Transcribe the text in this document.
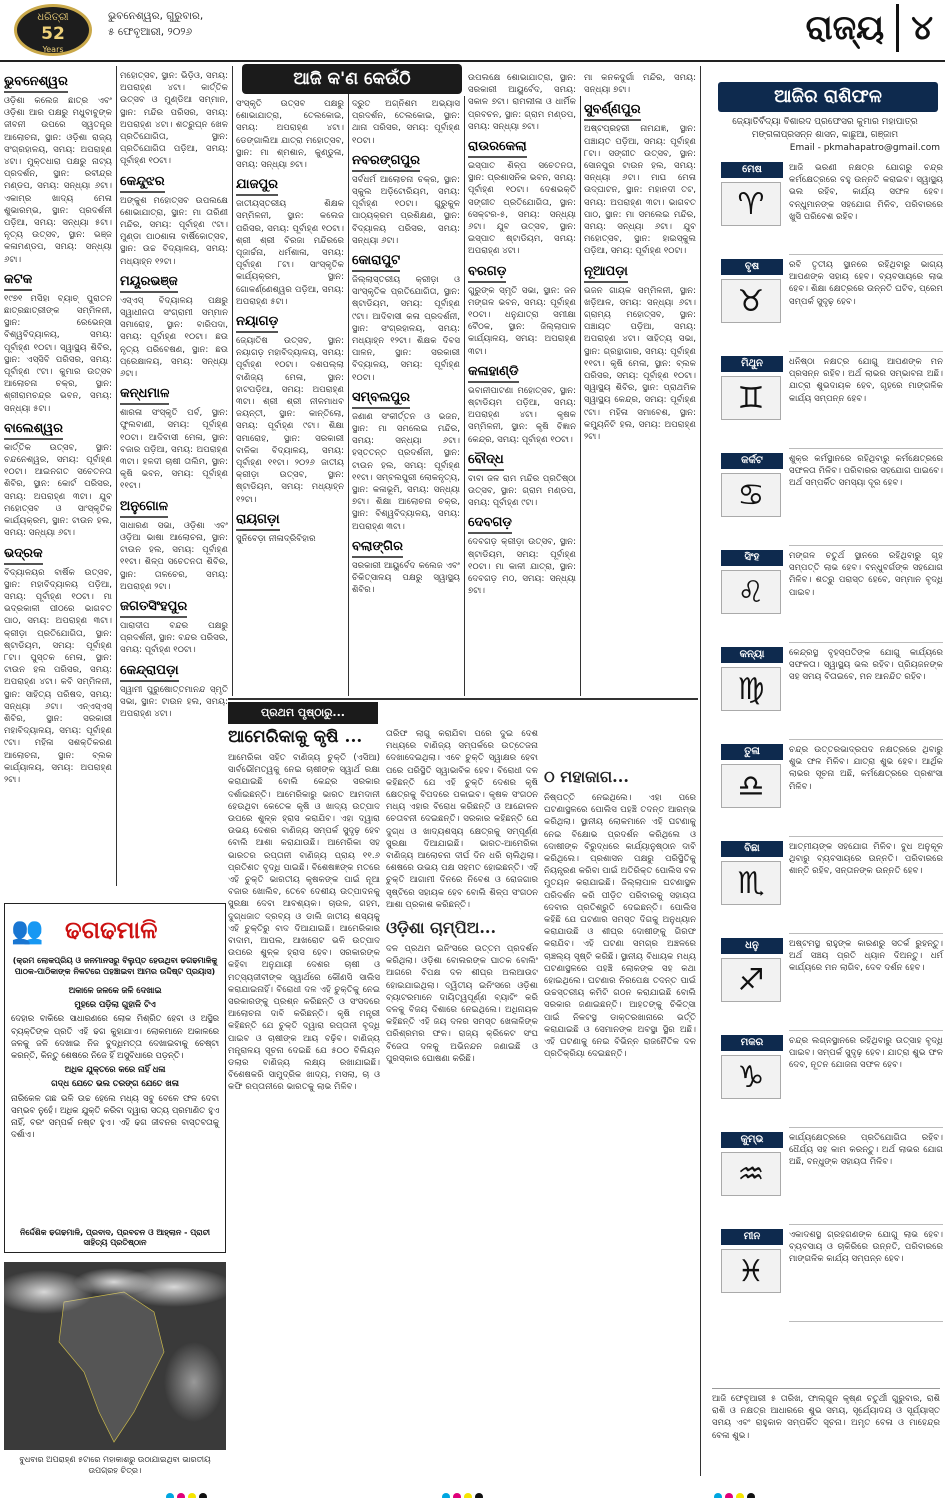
ଧରିତ୍ରୀ
52
Years
ଭୁବନେଶ୍ୱର, ଗୁରୁବାର,
୫ ଫେବୃଆରୀ, ୨୦୨୬	ରାଜ୍ୟ ୪
ଭୁବନେଶ୍ୱର

ଓଡ଼ିଶା କଲେଜ ଛାତ୍ର ଏବଂ ଓଡ଼ିଶା ଆର ପକ୍ଷରୁ ମଧୁବାବୁଙ୍କ ଜୀବନୀ ଉପରେ ସ୍ୱତନ୍ତ୍ର ଆଲୋଚନା, ସ୍ଥାନ: ଓଡ଼ିଶା ରାଜ୍ୟ ସଂଗ୍ରହାଳୟ, ସମୟ: ଅପରାହ୍ଣ ୪ଟା। ମୁକ୍ତଧାରା ପକ୍ଷରୁ ନାଟ୍ୟ ପ୍ରଦର୍ଶନ, ସ୍ଥାନ: ରବୀନ୍ଦ୍ର ମଣ୍ଡପ, ସମୟ: ସନ୍ଧ୍ୟା ୬ଟା। ଏକାମ୍ର ଖାଦ୍ୟ ମେଳା ଶୁଭାରମ୍ଭ, ସ୍ଥାନ: ପ୍ରଦର୍ଶନୀ ପଡ଼ିଆ, ସମୟ: ସନ୍ଧ୍ୟା ୫ଟା। ନୃତ୍ୟ ଉତ୍ସବ, ସ୍ଥାନ: ଭଞ୍ଜ କଳାମଣ୍ଡପ, ସମୟ: ସନ୍ଧ୍ୟା ୬ଟା।

କଟକ

୧୯୭୧ ମସିହା ବ୍ୟାଚ୍ ପୁରାତନ ଛାତ୍ରଛାତ୍ରୀଙ୍କ ସମ୍ମିଳନୀ, ସ୍ଥାନ: ରେଭେନ୍ସା ବିଶ୍ୱବିଦ୍ୟାଳୟ, ସମୟ: ପୂର୍ବାହ୍ଣ ୧୦ଟା। ସ୍ୱାସ୍ଥ୍ୟ ଶିବିର, ସ୍ଥାନ: ଏସ୍‌ସିବି ପରିସର, ସମୟ: ପୂର୍ବାହ୍ଣ ୯ଟା। କୁମାର ଉତ୍ସବ ଆଲୋଚନା ଚକ୍ର, ସ୍ଥାନ: ଶ୍ରୀରାମଚନ୍ଦ୍ର ଭବନ, ସମୟ: ସନ୍ଧ୍ୟା ୫ଟା।

ବାଲେଶ୍ୱର

କାର୍ତ୍ତିକ ଉତ୍ସବ, ସ୍ଥାନ: ଚନ୍ଦନେଶ୍ୱର, ସମୟ: ପୂର୍ବାହ୍ଣ ୧୦ଟା। ଆଇନଗତ ସଚେତନତା ଶିବିର, ସ୍ଥାନ: କୋର୍ଟ ପରିସର, ସମୟ: ଅପରାହ୍ଣ ୩ଟା। ଯୁବ ମହୋତ୍ସବ ଓ ସାଂସ୍କୃତିକ କାର୍ଯ୍ୟକ୍ରମ, ସ୍ଥାନ: ଟାଉନ ହଲ, ସମୟ: ସନ୍ଧ୍ୟା ୬ଟା।

ଭଦ୍ରକ

ବିଦ୍ୟାଳୟର ବାର୍ଷିକ ଉତ୍ସବ, ସ୍ଥାନ: ମହାବିଦ୍ୟାଳୟ ପଡ଼ିଆ, ସମୟ: ପୂର୍ବାହ୍ଣ ୧୦ଟା। ମା ଭଦ୍ରକାଳୀ ପୀଠରେ ଭାଗବତ ପାଠ, ସମୟ: ଅପରାହ୍ଣ ୩ଟା। କ୍ରୀଡ଼ା ପ୍ରତିଯୋଗିତା, ସ୍ଥାନ: ଷ୍ଟାଡିୟମ, ସମୟ: ପୂର୍ବାହ୍ଣ ୮ଟା। ପୁସ୍ତକ ମେଳା, ସ୍ଥାନ: ଟାଉନ ହଲ ପରିସର, ସମୟ: ଅପରାହ୍ଣ ୪ଟା। କବି ସମ୍ମିଳନୀ, ସ୍ଥାନ: ସାହିତ୍ୟ ପରିଷଦ, ସମୟ: ସନ୍ଧ୍ୟା ୬ଟା। ଏନ୍‌ଏସ୍‌ଏସ୍ ଶିବିର, ସ୍ଥାନ: ସରକାରୀ ମହାବିଦ୍ୟାଳୟ, ସମୟ: ପୂର୍ବାହ୍ଣ ୯ଟା। ମହିଳା ସଶକ୍ତିକରଣ ଆଲୋଚନା, ସ୍ଥାନ: ବ୍ଲକ କାର୍ଯ୍ୟାଳୟ, ସମୟ: ଅପରାହ୍ଣ ୨ଟା।

ମହୋତ୍ସବ, ସ୍ଥାନ: ଭିଡ଼ିଓ, ସମୟ: ଅପରାହ୍ଣ ୪ଟା। କାର୍ତ୍ତିକ ଉତ୍ସବ ଓ ମୁଣ୍ଡିଆ ସମ୍ମାନ, ସ୍ଥାନ: ମନ୍ଦିର ପରିସର, ସମୟ: ଅପରାହ୍ଣ ୪ଟା। ଶତ୍ରୁଘ୍ନ ଖେଳ ପ୍ରତିଯୋଗିତା, ସ୍ଥାନ: ପ୍ରତିଯୋଗିତା ପଡ଼ିଆ, ସମୟ: ପୂର୍ବାହ୍ଣ ୧୦ଟା।

କେନ୍ଦୁଝର

ଅଙ୍କୁଶ ମହୋତ୍ସବ ଉପଲକ୍ଷେ ଶୋଭାଯାତ୍ରା, ସ୍ଥାନ: ମା ତାରିଣୀ ମନ୍ଦିର, ସମୟ: ପୂର୍ବାହ୍ଣ ୯ଟା। ମୁଣ୍ଡା ପାଠଶାଳା ବାର୍ଷିକୋତ୍ସବ, ସ୍ଥାନ: ଉଚ୍ଚ ବିଦ୍ୟାଳୟ, ସମୟ: ମଧ୍ୟାହ୍ନ ୧୨ଟା।

ମୟୂରଭଞ୍ଜ

ଏସ୍‌ଏସ୍ ବିଦ୍ୟାଳୟ ପକ୍ଷରୁ ସ୍ୱାଧୀନତା ସଂଗ୍ରାମୀ ସମ୍ମାନ ସମାରୋହ, ସ୍ଥାନ: ବାରିପଦା, ସମୟ: ପୂର୍ବାହ୍ଣ ୧୦ଟା। ଛଉ ନୃତ୍ୟ ପରିବେଷଣ, ସ୍ଥାନ: ଛଉ ପ୍ରେକ୍ଷାଳୟ, ସମୟ: ସନ୍ଧ୍ୟା ୬ଟା।

କନ୍ଧମାଳ

ଶାରଳା ସଂସ୍କୃତି ପର୍ବ, ସ୍ଥାନ: ଫୁଲବାଣୀ, ସମୟ: ପୂର୍ବାହ୍ଣ ୧୦ଟା। ଆଦିବାସୀ ମେଳା, ସ୍ଥାନ: ବଜାର ପଡ଼ିଆ, ସମୟ: ଅପରାହ୍ଣ ୩ଟା। ହଳଦୀ ଚାଷୀ ତାଲିମ, ସ୍ଥାନ: କୃଷି ଭବନ, ସମୟ: ପୂର୍ବାହ୍ଣ ୧୧ଟା।

ଅନୁଗୋଳ

ସାଧାରଣ ସଭା, ଓଡ଼ିଶା ଏବଂ ଓଡ଼ିଆ ଭାଷା ଆଲୋଚନା, ସ୍ଥାନ: ଟାଉନ ହଲ, ସମୟ: ପୂର୍ବାହ୍ଣ ୧୧ଟା। ଶିଳ୍ପ ସଚେତନତା ଶିବିର, ସ୍ଥାନ: ତାଳଚେର, ସମୟ: ଅପରାହ୍ଣ ୨ଟା।

ଜଗତସିଂହପୁର

ପାରାଦୀପ ବନ୍ଦର ପକ୍ଷରୁ ପ୍ରଦର୍ଶନୀ, ସ୍ଥାନ: ବନ୍ଦର ପରିସର, ସମୟ: ପୂର୍ବାହ୍ଣ ୧୦ଟା।

କେନ୍ଦ୍ରାପଡ଼ା

ସ୍ୱାମୀ ପୁରୁଷୋତ୍ତମାନନ୍ଦ ସ୍ମୃତି ସଭା, ସ୍ଥାନ: ଟାଉନ ହଲ, ସମୟ: ଅପରାହ୍ଣ ୪ଟା।

ଆଜି କ'ଣ କେଉଁଠି

ସଂସ୍କୃତି ଉତ୍ସବ ପକ୍ଷରୁ ଶୋଭାଯାତ୍ରା, ତେଲକୋଇ, ସମୟ: ଅପରାହ୍ଣ ୪ଟା। ଡେଙ୍ଗାଲିଆ ଯାତ୍ରା ମହୋତ୍ସବ, ସ୍ଥାନ: ମା ଶ୍ମଶାନ, କୁଣ୍ଡୁଳା, ସମୟ: ସନ୍ଧ୍ୟା ୭ଟା।

ଯାଜପୁର

ଜାତୀୟସ୍ତରୀୟ ଶିକ୍ଷକ ସମ୍ମିଳନୀ, ସ୍ଥାନ: କଲେଜ ପରିସର, ସମୟ: ପୂର୍ବାହ୍ଣ ୧୦ଟା। ଶ୍ରୀ ଶ୍ରୀ ବିରଜା ମନ୍ଦିରରେ ପୂଜାର୍ଚ୍ଚନା, ଧର୍ମଶାଳା, ସମୟ: ପୂର୍ବାହ୍ଣ ୮ଟା। ସାଂସ୍କୃତିକ କାର୍ଯ୍ୟକ୍ରମ, ସ୍ଥାନ: ଗୋକର୍ଣ୍ଣେଶ୍ୱର ପଡ଼ିଆ, ସମୟ: ଅପରାହ୍ଣ ୫ଟା।

ନୟାଗଡ଼

ଜ୍ୟୋତିଷ ଉତ୍ସବ, ସ୍ଥାନ: ନୟାଗଡ଼ ମହାବିଦ୍ୟାଳୟ, ସମୟ: ପୂର୍ବାହ୍ଣ ୧୦ଟା। ଦଶପଲ୍ଲା ବାଣିଜ୍ୟ ମେଳା, ସ୍ଥାନ: ହାଟପଡ଼ିଆ, ସମୟ: ଅପରାହ୍ଣ ୩ଟା। ଶ୍ରୀ ଶ୍ରୀ ନୀଳମାଧବ ଜୟନ୍ତୀ, ସ୍ଥାନ: କାନ୍ତିଲୋ, ସମୟ: ପୂର୍ବାହ୍ଣ ୯ଟା। ଶିକ୍ଷା ସମାରୋହ, ସ୍ଥାନ: ସରକାରୀ ବାଳିକା ବିଦ୍ୟାଳୟ, ସମୟ: ପୂର୍ବାହ୍ଣ ୧୧ଟା। ୨୦୨୬ ଜାତୀୟ କ୍ରୀଡ଼ା ଉତ୍ସବ, ସ୍ଥାନ: ଷ୍ଟାଡିୟମ, ସମୟ: ମଧ୍ୟାହ୍ନ ୧୨ଟା।

ରାୟଗଡ଼ା

ସୁନିବେଡ଼ା ନୀଳାଦ୍ରିବିହାର

ଦ୍ରୁତ ଅଗ୍ନିଶମ ଅଭ୍ୟାସ ପ୍ରଦର୍ଶନ, ତେଲକୋଇ, ସ୍ଥାନ: ଥାନା ପରିସର, ସମୟ: ପୂର୍ବାହ୍ଣ ୧୦ଟା।

ନବରଙ୍ଗପୁର

ସର୍ବଧର୍ମ ଆଲୋଚନା ଚକ୍ର, ସ୍ଥାନ: ସ୍କୁଲ ଅଡ଼ିଟୋରିୟମ, ସମୟ: ପୂର୍ବାହ୍ଣ ୧୦ଟା। ଗୁରୁକୁଳ ପାଠ୍ୟକ୍ରମ ପ୍ରଶିକ୍ଷଣ, ସ୍ଥାନ: ବିଦ୍ୟାଳୟ ପରିସର, ସମୟ: ସନ୍ଧ୍ୟା ୬ଟା।

କୋରାପୁଟ

ଜିଲ୍ଲାସ୍ତରୀୟ କ୍ରୀଡ଼ା ଓ ସାଂସ୍କୃତିକ ପ୍ରତିଯୋଗିତା, ସ୍ଥାନ: ଷ୍ଟାଡିୟମ, ସମୟ: ପୂର୍ବାହ୍ଣ ୯ଟା। ଆଦିବାସୀ କଳା ପ୍ରଦର୍ଶନୀ, ସ୍ଥାନ: ସଂଗ୍ରହାଳୟ, ସମୟ: ମଧ୍ୟାହ୍ନ ୧୨ଟା। ଶିକ୍ଷକ ଦିବସ ପାଳନ, ସ୍ଥାନ: ସରକାରୀ ବିଦ୍ୟାଳୟ, ସମୟ: ପୂର୍ବାହ୍ଣ ୧୦ଟା।

ସମ୍ବଲପୁର

ଜଣାଣ ସଂକୀର୍ତ୍ତନ ଓ ଭଜନ, ସ୍ଥାନ: ମା ସମଲେଇ ମନ୍ଦିର, ସମୟ: ସନ୍ଧ୍ୟା ୬ଟା। ହସ୍ତତନ୍ତ ପ୍ରଦର୍ଶନୀ, ସ୍ଥାନ: ଟାଉନ ହଲ, ସମୟ: ପୂର୍ବାହ୍ଣ ୧୧ଟା। ସମ୍ବଲପୁରୀ ଲୋକନୃତ୍ୟ, ସ୍ଥାନ: କଳାଭୂମି, ସମୟ: ସନ୍ଧ୍ୟା ୭ଟା। ଶିକ୍ଷା ଆଲୋଚନା ଚକ୍ର, ସ୍ଥାନ: ବିଶ୍ୱବିଦ୍ୟାଳୟ, ସମୟ: ଅପରାହ୍ଣ ୩ଟା।

ବଲାଙ୍ଗିର

ସରକାରୀ ଆୟୁର୍ବେଦ କଲେଜ ଏବଂ ଚିକିତ୍ସାଳୟ ପକ୍ଷରୁ ସ୍ୱାସ୍ଥ୍ୟ ଶିବିର।

ଉପଲକ୍ଷେ ଶୋଭାଯାତ୍ରା, ସ୍ଥାନ: ସରକାରୀ ଆୟୁର୍ବେଦ, ସମୟ: ସକାଳ ୭ଟା। ରାମଲୀଳା ଓ ଧାର୍ମିକ ପ୍ରବଚନ, ସ୍ଥାନ: ଗ୍ରାମ ମଣ୍ଡପ, ସମୟ: ସନ୍ଧ୍ୟା ୭ଟା।

ରାଉରକେଲା

ଇସ୍ପାତ ଶିଳ୍ପ ସଚେତନତା, ସ୍ଥାନ: ପ୍ରଶାସନିକ ଭବନ, ସମୟ: ପୂର୍ବାହ୍ଣ ୧୦ଟା। ଦେଶଭକ୍ତି ସଙ୍ଗୀତ ପ୍ରତିଯୋଗିତା, ସ୍ଥାନ: ସେକ୍ଟର-୫, ସମୟ: ସନ୍ଧ୍ୟା ୬ଟା। ଯୁବ ଉତ୍ସବ, ସ୍ଥାନ: ଇସ୍ପାତ ଷ୍ଟାଡିୟମ, ସମୟ: ଅପରାହ୍ଣ ୪ଟା।

ବରଗଡ଼

ଗୁରୁଙ୍କ ସ୍ମୃତି ସଭା, ସ୍ଥାନ: ଜନ ମଙ୍ଗଳ ଭବନ, ସମୟ: ପୂର୍ବାହ୍ଣ ୧୦ଟା। ଧନୁଯାତ୍ରା ସମୀକ୍ଷା ବୈଠକ, ସ୍ଥାନ: ଜିଲ୍ଲାପାଳ କାର୍ଯ୍ୟାଳୟ, ସମୟ: ଅପରାହ୍ଣ ୩ଟା।

କଳାହାଣ୍ଡି

ଭବାନୀପାଟଣା ମହୋତ୍ସବ, ସ୍ଥାନ: ଷ୍ଟାଡିୟମ ପଡ଼ିଆ, ସମୟ: ଅପରାହ୍ଣ ୪ଟା। କୃଷକ ସମ୍ମିଳନୀ, ସ୍ଥାନ: କୃଷି ବିଜ୍ଞାନ କେନ୍ଦ୍ର, ସମୟ: ପୂର୍ବାହ୍ଣ ୧୦ଟା।

ବୌଦ୍ଧ

ବାବା ଜଳ ରାମ ମନ୍ଦିର ପ୍ରତିଷ୍ଠା ଉତ୍ସବ, ସ୍ଥାନ: ଗ୍ରାମ ମଣ୍ଡପ, ସମୟ: ପୂର୍ବାହ୍ଣ ୯ଟା।

ଦେବଗଡ଼

ଦେବଗଡ଼ କ୍ରୀଡ଼ା ଉତ୍ସବ, ସ୍ଥାନ: ଷ୍ଟାଡିୟମ, ସମୟ: ପୂର୍ବାହ୍ଣ ୧୦ଟା। ମା କାଳୀ ଯାତ୍ରା, ସ୍ଥାନ: ଦେବଗଡ଼ ମଠ, ସମୟ: ସନ୍ଧ୍ୟା ୭ଟା।

ମା କନକଦୁର୍ଗା ମନ୍ଦିର, ସମୟ: ସନ୍ଧ୍ୟା ୭ଟା।

ସୁବର୍ଣ୍ଣପୁର

ଅଷ୍ଟପ୍ରହରୀ ନାମଯଜ୍ଞ, ସ୍ଥାନ: ପଞ୍ଚାୟତ ପଡ଼ିଆ, ସମୟ: ପୂର୍ବାହ୍ଣ ୮ଟା। ସଙ୍ଗୀତ ଉତ୍ସବ, ସ୍ଥାନ: ସୋନପୁର ଟାଉନ ହଲ, ସମୟ: ସନ୍ଧ୍ୟା ୬ଟା। ମାଘ ମେଳା ଉଦ୍‌ଘାଟନ, ସ୍ଥାନ: ମହାନଦୀ ତଟ, ସମୟ: ଅପରାହ୍ଣ ୩ଟା। ଭାଗବତ ପାଠ, ସ୍ଥାନ: ମା ସମଲେଇ ମନ୍ଦିର, ସମୟ: ସନ୍ଧ୍ୟା ୬ଟା। ଯୁବ ମହୋତ୍ସବ, ସ୍ଥାନ: ହାଇସ୍କୁଲ ପଡ଼ିଆ, ସମୟ: ପୂର୍ବାହ୍ଣ ୧୦ଟା।

ନୂଆପଡ଼ା

ଭଜନ ଗାୟକ ସମ୍ମିଳନୀ, ସ୍ଥାନ: ଖଡ଼ିଆଳ, ସମୟ: ସନ୍ଧ୍ୟା ୬ଟା। ଗ୍ରାମ୍ୟ ମହୋତ୍ସବ, ସ୍ଥାନ: ପଞ୍ଚାୟତ ପଡ଼ିଆ, ସମୟ: ଅପରାହ୍ଣ ୪ଟା। ସାହିତ୍ୟ ସଭା, ସ୍ଥାନ: ଗ୍ରନ୍ଥାଗାର, ସମୟ: ପୂର୍ବାହ୍ଣ ୧୧ଟା। କୃଷି ମେଳା, ସ୍ଥାନ: ବ୍ଲକ ପରିସର, ସମୟ: ପୂର୍ବାହ୍ଣ ୧୦ଟା। ସ୍ୱାସ୍ଥ୍ୟ ଶିବିର, ସ୍ଥାନ: ପ୍ରାଥମିକ ସ୍ୱାସ୍ଥ୍ୟ କେନ୍ଦ୍ର, ସମୟ: ପୂର୍ବାହ୍ଣ ୯ଟା। ମହିଳା ସମାବେଶ, ସ୍ଥାନ: କମ୍ୟୁନିଟି ହଲ, ସମୟ: ଅପରାହ୍ଣ ୨ଟା।

ଆଜିର ରାଶିଫଳ
ଜ୍ୟୋତିର୍ବିଦ୍ୟା ବିଶାରଦ ପ୍ରଫେସର କୁମାର ମହାପାତ୍ର ମଙ୍ଗଳାପ୍ରସନ୍ନ ଶାସନ, କାଛୁଆ, ଗଞ୍ଜାମ
Email - pkmahapatro@gmail.com
ମେଷ
♈
ଆଜି ଭରଣୀ ନକ୍ଷତ୍ର ଯୋଗରୁ ଚନ୍ଦ୍ର କର୍ମକ୍ଷେତ୍ରରେ ବହୁ ଉନ୍ନତି କରାଇବ। ସ୍ୱାସ୍ଥ୍ୟ ଭଲ ରହିବ, କାର୍ଯ୍ୟ ସଫଳ ହେବ। ବନ୍ଧୁମାନଙ୍କ ସହଯୋଗ ମିଳିବ, ପରିବାରରେ ଖୁସି ପରିବେଶ ରହିବ।
ବୃଷ
♉
ରବି ତୃତୀୟ ସ୍ଥାନରେ ରହିଥିବାରୁ ଭାଗ୍ୟ ଆପଣଙ୍କ ସହାୟ ହେବ। ବ୍ୟବସାୟରେ ଲାଭ ହେବ। ଶିକ୍ଷା କ୍ଷେତ୍ରରେ ଉନ୍ନତି ଘଟିବ, ପ୍ରେମ ସମ୍ପର୍କ ସୁଦୃଢ଼ ହେବ।
ମିଥୁନ
♊
ଧନିଷ୍ଠା ନକ୍ଷତ୍ର ଯୋଗୁ ଆପଣଙ୍କ ମନ ପ୍ରସନ୍ନ ରହିବ। ଅର୍ଥ ଲାଭର ସମ୍ଭାବନା ଅଛି। ଯାତ୍ରା ଶୁଭଦାୟକ ହେବ, ଗୃହରେ ମାଙ୍ଗଳିକ କାର୍ଯ୍ୟ ସମ୍ପନ୍ନ ହେବ।
କର୍କଟ
♋
ଶୁକ୍ର କର୍ମସ୍ଥାନରେ ରହିଥିବାରୁ କର୍ମକ୍ଷେତ୍ରରେ ସଫଳତା ମିଳିବ। ପରିବାରର ସହଯୋଗ ପାଇବେ। ଅର୍ଥ ସମ୍ପର୍କିତ ସମସ୍ୟା ଦୂର ହେବ।
ସିଂହ
♌
ମଙ୍ଗଳ ଚତୁର୍ଥ ସ୍ଥାନରେ ରହିଥିବାରୁ ଗୃହ ସମ୍ପତ୍ତି ଲାଭ ହେବ। ବନ୍ଧୁବର୍ଗଙ୍କ ସହଯୋଗ ମିଳିବ। ଶତ୍ରୁ ପରାସ୍ତ ହେବେ, ସମ୍ମାନ ବୃଦ୍ଧି ପାଇବ।
କନ୍ୟା
♍
କେନ୍ଦ୍ରସ୍ଥ ବୃହସ୍ପତିଙ୍କ ଯୋଗୁ କାର୍ଯ୍ୟରେ ସଫଳତା। ସ୍ୱାସ୍ଥ୍ୟ ଭଲ ରହିବ। ପ୍ରିୟଜନଙ୍କ ସହ ସମୟ ବିତାଇବେ, ମନ ଆନନ୍ଦିତ ରହିବ।
ତୁଳା
♎
ଚନ୍ଦ୍ର ଉତ୍ତରଭାଦ୍ରପଦ ନକ୍ଷତ୍ରରେ ଥିବାରୁ ଶୁଭ ଫଳ ମିଳିବ। ଯାତ୍ରା ଶୁଭ ହେବ। ଆର୍ଥିକ ଲାଭର ସୂଚନା ଅଛି, କର୍ମକ୍ଷେତ୍ରରେ ପ୍ରଶଂସା ମିଳିବ।
ବିଛା
♏
ଆତ୍ମୀୟଙ୍କ ସହଯୋଗ ମିଳିବ। ବୁଧ ଅନୁକୂଳ ଥିବାରୁ ବ୍ୟବସାୟରେ ଉନ୍ନତି। ପରିବାରରେ ଶାନ୍ତି ରହିବ, ସନ୍ତାନଙ୍କ ଉନ୍ନତି ହେବ।
ଧନୁ
♐
ଅଷ୍ଟମସ୍ଥ ରାହୁଙ୍କ କାରଣରୁ ସତର୍କ ରୁହନ୍ତୁ। ଅର୍ଥ ସଞ୍ଚୟ ପ୍ରତି ଧ୍ୟାନ ଦିଅନ୍ତୁ। ଧର୍ମ କାର୍ଯ୍ୟରେ ମନ ଲାଗିବ, ଦେବ ଦର୍ଶନ ହେବ।
ମକର
♑
ଚନ୍ଦ୍ର ଲଗ୍ନସ୍ଥାନରେ ରହିଥିବାରୁ ଉତ୍ସାହ ବୃଦ୍ଧି ପାଇବ। ସମ୍ପର୍କ ସୁଦୃଢ଼ ହେବ। ଯାତ୍ରା ଶୁଭ ଫଳ ଦେବ, ନୂତନ ଯୋଜନା ସଫଳ ହେବ।
କୁମ୍ଭ
♒
କାର୍ଯ୍ୟକ୍ଷେତ୍ରରେ ପ୍ରତିଯୋଗିତା ରହିବ। ଧୈର୍ଯ୍ୟ ସହ କାମ କରନ୍ତୁ। ଅର୍ଥ ଲାଭର ଯୋଗ ଅଛି, ବନ୍ଧୁଙ୍କ ସହାୟତା ମିଳିବ।
ମୀନ
♓
ଏକାଦଶସ୍ଥ ଗ୍ରହଗଣଙ୍କ ଯୋଗୁ ଲାଭ ହେବ। ବ୍ୟବସାୟ ଓ ଚାକିରିରେ ଉନ୍ନତି, ପରିବାରରେ ମାଙ୍ଗଳିକ କାର୍ଯ୍ୟ ସମ୍ପନ୍ନ ହେବ।
ଆଜି ଫେବୃଆରୀ ୫ ତାରିଖ, ଫାଲ୍‌ଗୁନ କୃଷ୍ଣ ଚତୁର୍ଥୀ ଗୁରୁବାର, ରାଶି ରାଶି ଓ ନକ୍ଷତ୍ର ଆଧାରରେ ଶୁଭ ସମୟ, ସୂର୍ଯ୍ୟୋଦୟ ଓ ସୂର୍ଯ୍ୟାସ୍ତ ସମୟ ଏବଂ ରାହୁକାଳ ସମ୍ପର୍କିତ ସୂଚନା। ଅମୃତ ବେଳା ଓ ମାହେନ୍ଦ୍ର ବେଳା ଶୁଭ।
ପ୍ରଥମ ପୃଷ୍ଠାରୁ...
ଆମେରିକାକୁ କୃଷି ...

ଆମେରିକା ସହିତ ବାଣିଜ୍ୟ ଚୁକ୍ତି (ଏସିଆ) ସାର୍ବଭୌମତ୍ୱକୁ ନେଇ ଚାଷୀଙ୍କ ସ୍ୱାର୍ଥ ରକ୍ଷା କରାଯାଇଛି ବୋଲି କେନ୍ଦ୍ର ସରକାର ଦର୍ଶାଇଛନ୍ତି। ଆମେରିକାରୁ ଭାରତ ଆମଦାନୀ ହେଉଥିବା କେତେକ କୃଷି ଓ ଖାଦ୍ୟ ଉତ୍ପାଦ ଉପରେ ଶୁଳ୍କ ହ୍ରାସ କରାଯିବ। ଏହା ଦ୍ୱାରା ଉଭୟ ଦେଶର ବାଣିଜ୍ୟ ସମ୍ପର୍କ ସୁଦୃଢ଼ ହେବ ବୋଲି ଆଶା କରାଯାଉଛି। ଆମେରିକା ସହ ଭାରତର ରପ୍ତାନୀ ବାଣିଜ୍ୟ ପ୍ରାୟ ୧୧.୬ ପ୍ରତିଶତ ବୃଦ୍ଧି ପାଇଛି। ବିଶେଷଜ୍ଞଙ୍କ ମତରେ ଏହି ଚୁକ୍ତି ଭାରତୀୟ କୃଷକଙ୍କ ପାଇଁ ନୂଆ ବଜାର ଖୋଲିବ, ତେବେ ଦେଶୀୟ ଉତ୍ପାଦନକୁ ସୁରକ୍ଷା ଦେବା ଆବଶ୍ୟକ। ଚାଉଳ, ଗହମ, ଦୁଗ୍ଧଜାତ ଦ୍ରବ୍ୟ ଓ ଡାଲି ଜାତୀୟ ଶସ୍ୟକୁ ଏହି ଚୁକ୍ତିରୁ ବାଦ ଦିଆଯାଇଛି। ଆମେରିକାର ବାଦାମ, ଆପଲ, ଆଖରୋଟ ଭଳି ଉତ୍ପାଦ ଉପରେ ଶୁଳ୍କ ହ୍ରାସ ହେବ। ସରକାରଙ୍କ କହିବା ଅନୁଯାୟୀ ଦେଶର ଚାଷୀ ଓ ମତ୍ସ୍ୟଜୀବୀଙ୍କ ସ୍ୱାର୍ଥରେ କୌଣସି ସାଲିସ କରାଯାଇନାହିଁ। ବିରୋଧୀ ଦଳ ଏହି ଚୁକ୍ତିକୁ ନେଇ ସରକାରଙ୍କୁ ପ୍ରଶ୍ନ କରିଛନ୍ତି ଓ ସଂସଦରେ ଆଲୋଚନା ଦାବି କରିଛନ୍ତି। କୃଷି ମନ୍ତ୍ରୀ କହିଛନ୍ତି ଯେ ଚୁକ୍ତି ଦ୍ୱାରା ରପ୍ତାନୀ ବୃଦ୍ଧି ପାଇବ ଓ ଚାଷୀଙ୍କ ଆୟ ବଢ଼ିବ। ବାଣିଜ୍ୟ ମନ୍ତ୍ରାଳୟ ସୂଚନା ଦେଇଛି ଯେ ୫୦୦ ବିଲିୟନ ଡଲାର ବାଣିଜ୍ୟ ଲକ୍ଷ୍ୟ ରଖାଯାଇଛି। ବିଶେଷକରି ସାମୁଦ୍ରିକ ଖାଦ୍ୟ, ମସଲା, ଚା ଓ କଫି ରପ୍ତାନୀରେ ଭାରତକୁ ଲାଭ ମିଳିବ।

ତାରିଫ ଲାଗୁ କରାଯିବା ପରେ ଦୁଇ ଦେଶ ମଧ୍ୟରେ ବାଣିଜ୍ୟ ସମ୍ପର୍କରେ ଉତ୍ତେଜନା ଦେଖାଦେଇଥିଲା। ଏବେ ଚୁକ୍ତି ସ୍ୱାକ୍ଷର ହେବା ପରେ ପରିସ୍ଥିତି ସ୍ୱାଭାବିକ ହେବ। ବିରୋଧୀ ଦଳ କହିଛନ୍ତି ଯେ ଏହି ଚୁକ୍ତି ଦେଶର କୃଷି କ୍ଷେତ୍ରକୁ ବିପଦରେ ପକାଇବ। କୃଷକ ସଂଗଠନ ମଧ୍ୟ ଏହାର ବିରୋଧ କରିଛନ୍ତି ଓ ଆନ୍ଦୋଳନ ଚେତାବନୀ ଦେଇଛନ୍ତି। ସରକାର କହିଛନ୍ତି ଯେ ଦୁଗ୍ଧ ଓ ଖାଦ୍ୟଶସ୍ୟ କ୍ଷେତ୍ରକୁ ସମ୍ପୂର୍ଣ୍ଣ ସୁରକ୍ଷା ଦିଆଯାଇଛି। ଭାରତ-ଆମେରିକା ବାଣିଜ୍ୟ ଆଲୋଚନା ଦୀର୍ଘ ଦିନ ଧରି ଚାଲିଥିଲା। ଶେଷରେ ଉଭୟ ପକ୍ଷ ସହମତ ହୋଇଛନ୍ତି। ଏହି ଚୁକ୍ତି ଆଗାମୀ ଦିନରେ ନିବେଶ ଓ ରୋଜଗାର ସୃଷ୍ଟିରେ ସହାୟକ ହେବ ବୋଲି ଶିଳ୍ପ ସଂଗଠନ ଆଶା ପ୍ରକାଶ କରିଛନ୍ତି।

ଓଡ଼ିଶା ଚାମ୍ପିଅ...

ଦଳ ପ୍ରଥମ ଇନିଂସରେ ଉତ୍ତମ ପ୍ରଦର୍ଶନ କରିଥିଲା। ଓଡ଼ିଶା ବୋଲରଙ୍କ ଘାତକ ବୋଲିଂ ଆଗରେ ବିପକ୍ଷ ଦଳ ଶୀଘ୍ର ଅଲଆଉଟ ହୋଇଯାଇଥିଲା। ଦ୍ୱିତୀୟ ଇନିଂସରେ ଓଡ଼ିଶା ବ୍ୟାଟରମାନେ ଦାୟିତ୍ୱପୂର୍ଣ୍ଣ ବ୍ୟାଟିଂ କରି ଦଳକୁ ବିଜୟ ଦିଶାରେ ନେଇଥିଲେ। ଅଧିନାୟକ କହିଛନ୍ତି ଏହି ଜୟ ଦଳର ସମସ୍ତ ଖେଳାଳିଙ୍କ ପରିଶ୍ରମର ଫଳ। ରାଜ୍ୟ କ୍ରିକେଟ ସଂଘ ବିଜେତା ଦଳକୁ ଅଭିନନ୍ଦନ ଜଣାଇଛି ଓ ପୁରସ୍କାର ଘୋଷଣା କରିଛି।

ଠ ମହାଜାଗ...

ନିଷ୍ପତ୍ତି ନେଇଥିଲେ। ଏହା ପରେ ଘଟଣାସ୍ଥଳରେ ପୋଲିସ ପହଞ୍ଚି ତଦନ୍ତ ଆରମ୍ଭ କରିଥିଲା। ସ୍ଥାନୀୟ ଲୋକମାନେ ଏହି ଘଟଣାକୁ ନେଇ ବିକ୍ଷୋଭ ପ୍ରଦର୍ଶନ କରିଥିଲେ ଓ ଦୋଷୀଙ୍କ ବିରୁଦ୍ଧରେ କାର୍ଯ୍ୟାନୁଷ୍ଠାନ ଦାବି କରିଥିଲେ। ପ୍ରଶାସନ ପକ୍ଷରୁ ପରିସ୍ଥିତିକୁ ନିୟନ୍ତ୍ରଣ କରିବା ପାଇଁ ଅତିରିକ୍ତ ପୋଲିସ ବଳ ମୁତୟନ କରାଯାଇଛି। ଜିଲ୍ଲାପାଳ ଘଟଣାସ୍ଥଳ ପରିଦର୍ଶନ କରି ପୀଡ଼ିତ ପରିବାରକୁ ସହାୟତା ଦେବାର ପ୍ରତିଶ୍ରୁତି ଦେଇଛନ୍ତି। ପୋଲିସ କହିଛି ଯେ ଘଟଣାର ସମସ୍ତ ଦିଗକୁ ଅନୁଧ୍ୟାନ କରାଯାଉଛି ଓ ଶୀଘ୍ର ଦୋଷୀଙ୍କୁ ଗିରଫ କରାଯିବ। ଏହି ଘଟଣା ସମଗ୍ର ଅଞ୍ଚଳରେ ଚାଞ୍ଚଲ୍ୟ ସୃଷ୍ଟି କରିଛି। ସ୍ଥାନୀୟ ବିଧାୟକ ମଧ୍ୟ ଘଟଣାସ୍ଥଳରେ ପହଞ୍ଚି ଲୋକଙ୍କ ସହ କଥା ହୋଇଥିଲେ। ଘଟଣାର ନିରପେକ୍ଷ ତଦନ୍ତ ପାଇଁ ଉଚ୍ଚସ୍ତରୀୟ କମିଟି ଗଠନ କରାଯାଇଛି ବୋଲି ସରକାର ଜଣାଇଛନ୍ତି। ଆହତଙ୍କୁ ଚିକିତ୍ସା ପାଇଁ ନିକଟସ୍ଥ ଡାକ୍ତରଖାନାରେ ଭର୍ତ୍ତି କରାଯାଇଛି ଓ ସେମାନଙ୍କ ଅବସ୍ଥା ସ୍ଥିର ଅଛି। ଏହି ଘଟଣାକୁ ନେଇ ବିଭିନ୍ନ ରାଜନୈତିକ ଦଳ ପ୍ରତିକ୍ରିୟା ଦେଇଛନ୍ତି।

👥 ଢଗଢମାଳି
(କ୍ରମ ଲୋକପ୍ରିୟ ଓ ଜନମାନସରୁ ବିଲୁପ୍ତ ହେଉଥିବା ଢଗଢମାଳିକୁ ପାଠକ-ପାଠିକାଙ୍କ ନିକଟରେ ପହଞ୍ଚାଇବା ଆମର ଉଦ୍ଦିଷ୍ଟ ପ୍ରୟାସ)
ଅକାଳେ ଜଳକେ ଜଳି ଦେଖାଇ
ମୁହରେ ପଡ଼ିଲା ଗୁହାଳି ଟିଏ

ଦେହାର ବାକିରେ ସାଧାରଣରେ ଲୋକ ମିଶ୍ରିତ ହେବା ଓ ଅସ୍ଥିର ବ୍ୟକ୍ତିଙ୍କ ପ୍ରତି ଏହି ଢଗ କୁହାଯାଏ। ଲୋକମାନେ ଅକାଳରେ ଜଳକୁ ଜଳି ଦେଖାଇ ନିଜ ବୁଦ୍ଧିମତ୍ତା ଦେଖାଇବାକୁ ଚେଷ୍ଟା କରନ୍ତି, କିନ୍ତୁ ଶେଷରେ ନିଜେ ହିଁ ଅସୁବିଧାରେ ପଡ଼ନ୍ତି।

ଅଧିକ ଯୁକ୍ତରେ କରେ ନାହିଁ ଧଳା
ଗଦ୍ଧ ଯେତେ ଭଲ ତରଙ୍ଗ ଯେତେ ଖଳା

ନାରିକେଳ ଗଛ ଭଳି ଉଚ୍ଚ ହେଲେ ମଧ୍ୟ ସବୁ ବେଳେ ଫଳ ଦେବା ସମ୍ଭବ ନୁହେଁ। ଅଧିକ ଯୁକ୍ତି କରିବା ଦ୍ୱାରା ସତ୍ୟ ପ୍ରମାଣିତ ହୁଏ ନାହିଁ, ବରଂ ସମ୍ପର୍କ ନଷ୍ଟ ହୁଏ। ଏହି ଢଗ ଜୀବନର ବାସ୍ତବତାକୁ ଦର୍ଶାଏ।

ନିର୍ଦ୍ଦେଶିକ ଢଗଢମାଳି, ପ୍ରବାଦ, ପ୍ରବଚନ ଓ ଆହ୍ଲାନ - ପ୍ରାଚୀ ସାହିତ୍ୟ ପ୍ରତିଷ୍ଠାନ
ବୁଧବାର ଅପରାହ୍ଣ ୫ଟାରେ ମହାକାଶରୁ ଉଠାଯାଇଥିବା ଭାରତୀୟ ଉପଗ୍ରହ ଚିତ୍ର।
